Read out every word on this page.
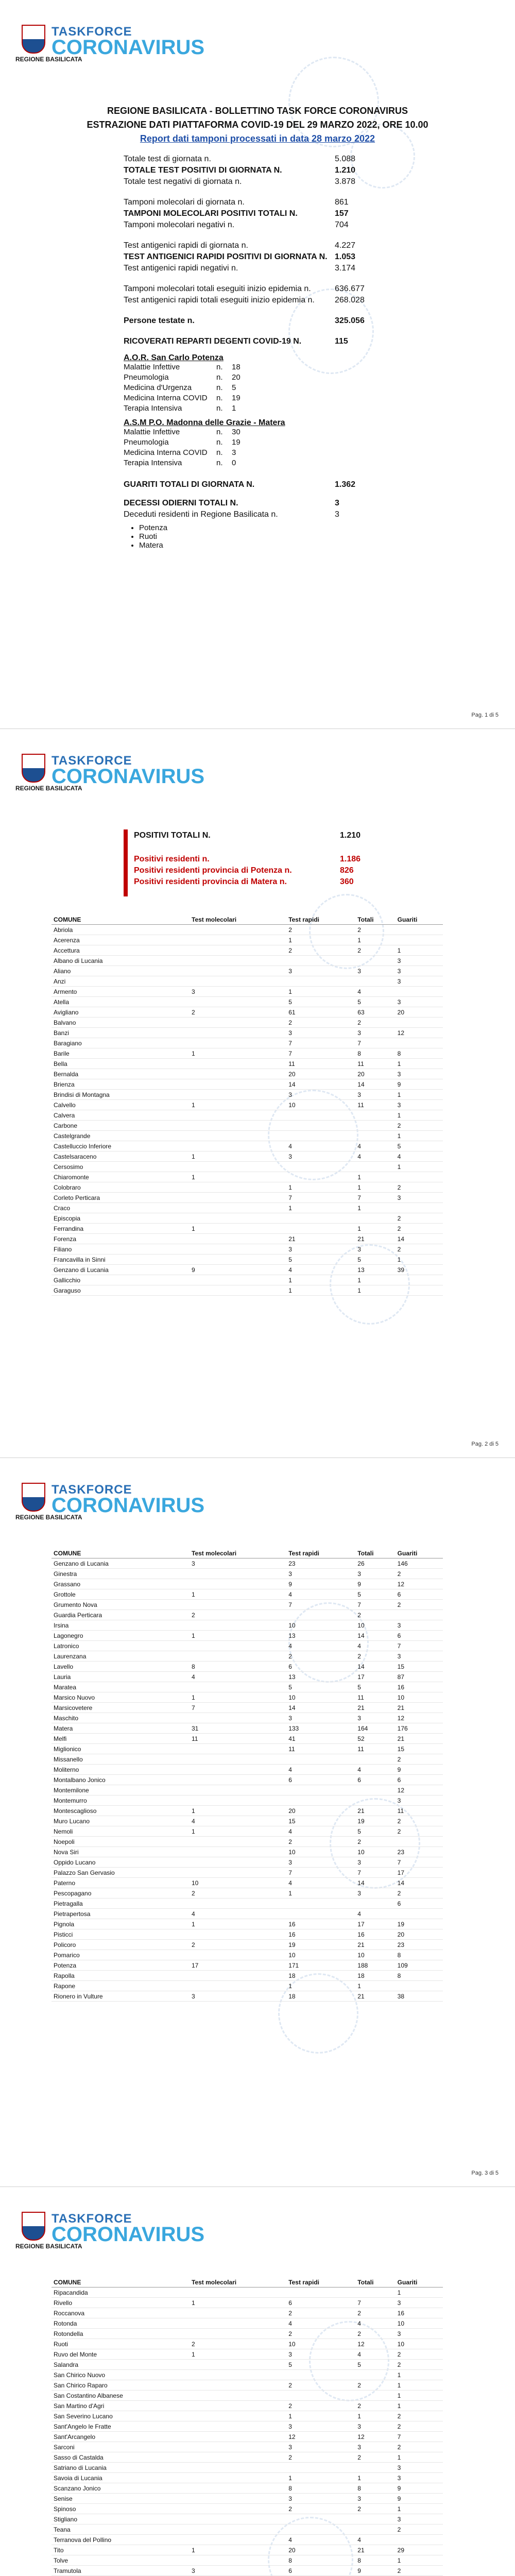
TASKFORCE
CORONAVIRUS
REGIONE BASILICATA
REGIONE BASILICATA - BOLLETTINO TASK FORCE CORONAVIRUS
ESTRAZIONE DATI PIATTAFORMA COVID-19 DEL 29 MARZO 2022, ORE 10.00
Report dati tamponi processati in data 28 marzo 2022
Totale test di giornata n.	5.088
TOTALE TEST POSITIVI DI GIORNATA N.	1.210
Totale test negativi di giornata n.	3.878
Tamponi molecolari di giornata n.	861
TAMPONI MOLECOLARI POSITIVI TOTALI N.	157
Tamponi molecolari negativi n.	704
Test antigenici rapidi di giornata n.	4.227
TEST ANTIGENICI RAPIDI POSITIVI DI GIORNATA N. 1.053
Test antigenici rapidi negativi n.	3.174
Tamponi molecolari totali eseguiti inizio epidemia n.	636.677
Test antigenici rapidi totali eseguiti inizio epidemia n. 268.028
Persone testate n.	325.056
RICOVERATI REPARTI DEGENTI COVID-19 N.	115
A.O.R. San Carlo Potenza
Malattie Infettive	n.	18
Pneumologia	n.	20
Medicina d'Urgenza	n.	5
Medicina Interna COVID	n.	19
Terapia Intensiva	n.	1
A.S.M P.O. Madonna delle Grazie - Matera
Malattie Infettive	n.	30
Pneumologia	n.	19
Medicina Interna COVID	n.	3
Terapia Intensiva	n.	0
GUARITI TOTALI DI GIORNATA N.	1.362
DECESSI ODIERNI TOTALI N.	3
Deceduti residenti in Regione Basilicata n.	3
• Potenza
• Ruoti
• Matera
Pag. 1 di 5
TASKFORCE
CORONAVIRUS
REGIONE BASILICATA
POSITIVI TOTALI N.	1.210
Positivi residenti n.	1.186
Positivi residenti provincia di Potenza n.	826
Positivi residenti provincia di Matera n.	360
COMUNE	Test molecolari	Test rapidi	Totali	Guariti
Abriola		2	2	
Acerenza		1	1	
Accettura		2	2	1
Albano di Lucania				3
Aliano		3	3	3
Anzi				3
Armento	3	1	4	
Atella		5	5	3
Avigliano	2	61	63	20
Balvano		2	2	
Banzi		3	3	12
Baragiano		7	7	
Barile	1	7	8	8
Bella		11	11	1
Bernalda		20	20	3
Brienza		14	14	9
Brindisi di Montagna		3	3	1
Calvello	1	10	11	3
Calvera				1
Carbone				2
Castelgrande				1
Castelluccio Inferiore		4	4	5
Castelsaraceno	1	3	4	4
Cersosimo				1
Chiaromonte	1		1	
Colobraro		1	1	2
Corleto Perticara		7	7	3
Craco		1	1	
Episcopia				2
Ferrandina	1		1	2
Forenza		21	21	14
Filiano		3	3	2
Francavilla in Sinni		5	5	1
Genzano di Lucania	9	4	13	39
Gallicchio		1	1	
Garaguso		1	1	
Pag. 2 di 5
TASKFORCE
CORONAVIRUS
REGIONE BASILICATA
COMUNE	Test molecolari	Test rapidi	Totali	Guariti
Genzano di Lucania	3	23	26	146
Ginestra		3	3	2
Grassano		9	9	12
Grottole	1	4	5	6
Grumento Nova		7	7	2
Guardia Perticara	2		2	
Irsina		10	10	3
Lagonegro	1	13	14	6
Latronico		4	4	7
Laurenzana		2	2	3
Lavello	8	6	14	15
Lauria	4	13	17	87
Maratea		5	5	16
Marsico Nuovo	1	10	11	10
Marsicovetere	7	14	21	21
Maschito		3	3	12
Matera	31	133	164	176
Melfi	11	41	52	21
Miglionico		11	11	15
Missanello				2
Moliterno		4	4	9
Montalbano Jonico		6	6	6
Montemilone				12
Montemurro				3
Montescaglioso	1	20	21	11
Muro Lucano	4	15	19	2
Nemoli	1	4	5	2
Noepoli		2	2	
Nova Siri		10	10	23
Oppido Lucano		3	3	7
Palazzo San Gervasio		7	7	17
Paterno	10	4	14	14
Pescopagano	2	1	3	2
Pietragalla				6
Pietrapertosa	4		4	
Pignola	1	16	17	19
Pisticci		16	16	20
Policoro	2	19	21	23
Pomarico		10	10	8
Potenza	17	171	188	109
Rapolla		18	18	8
Rapone		1	1	
Rionero in Vulture	3	18	21	38
Pag. 3 di 5
TASKFORCE
CORONAVIRUS
REGIONE BASILICATA
COMUNE	Test molecolari	Test rapidi	Totali	Guariti
Ripacandida				1
Rivello	1	6	7	3
Roccanova		2	2	16
Rotonda		4	4	10
Rotondella		2	2	3
Ruoti	2	10	12	10
Ruvo del Monte	1	3	4	2
Salandra		5	5	2
San Chirico Nuovo				1
San Chirico Raparo		2	2	1
San Costantino Albanese				1
San Martino d'Agri		2	2	1
San Severino Lucano		1	1	2
Sant'Angelo le Fratte		3	3	2
Sant'Arcangelo		12	12	7
Sarconi		3	3	2
Sasso di Castalda		2	2	1
Satriano di Lucania				3
Savoia di Lucania		1	1	3
Scanzano Jonico		8	8	9
Senise		3	3	9
Spinoso		2	2	1
Stigliano				3
Teana				2
Terranova del Pollino		4	4	
Tito	1	20	21	29
Tolve		8	8	1
Tramutola	3	6	9	2
